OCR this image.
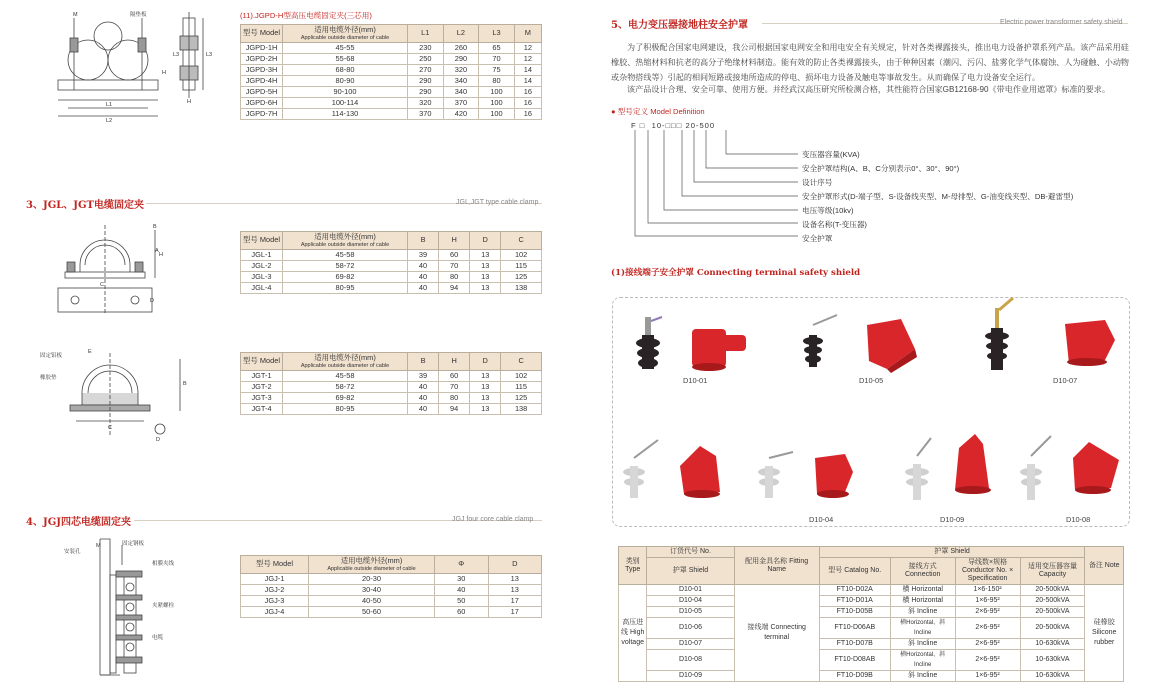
M	隔垫板
H
L1
L2
L3
L3
H
(11).JGPD-H型高压电缆固定夹(三芯用)
型号 Model	适用电缆外径(mm)
Applicable outside diameter of cable	L1	L2	L3	M
JGPD-1H	45-55	230	260	65	12
JGPD-2H	55-68	250	290	70	12
JGPD-3H	68-80	270	320	75	14
JGPD-4H	80-90	290	340	80	14
JGPD-5H	90-100	290	340	100	16
JGPD-6H	100-114	320	370	100	16
JGPD-7H	114-130	370	420	100	16
3、JGL、JGT电缆固定夹	JGL,JGT type cable clamp
B
A
D
C
H
型号 Model	适用电缆外径(mm)
Applicable outside diameter of cable	B	H	D	C
JGL-1	45-58	39	60	13	102
JGL-2	58-72	40	70	13	115
JGL-3	69-82	40	80	13	125
JGL-4	80-95	40	94	13	138
固定铝板
橡胶垫
E
B
C
D
型号 Model	适用电缆外径(mm)
Applicable outside diameter of cable	B	H	D	C
JGT-1	45-58	39	60	13	102
JGT-2	58-72	40	70	13	115
JGT-3	69-82	40	80	13	125
JGT-4	80-95	40	94	13	138
4、JGJ四芯电缆固定夹	JGJ four core cable clamp
固定钢板
安装孔
M
相膜夹线
夹紧螺栓
电缆
型号 Model	适用电缆外径(mm)
Applicable outside diameter of cable	Φ	D
JGJ-1	20-30	30	13
JGJ-2	30-40	40	13
JGJ-3	40-50	50	17
JGJ-4	50-60	60	17
5、电力变压器接地柱安全护罩	Electric power transformer safety shield
为了积极配合国家电网建设，我公司根据国家电网安全和用电安全有关规定，针对各类裸露接头，推出电力设备护罩系列产品。该产品采用硅橡胶、热缩材料和抗老的高分子绝缘材料制造。能有效的防止各类裸露接头，由于种种因素（潮闪、污闪、盐雾化学气体腐蚀、人为碰触、小动物或杂物搭线等）引起的相间短路或接地所造成的停电、损坏电力设备及触电等事故发生。从而确保了电力设备安全运行。
该产品设计合理、安全可靠、使用方便。并经武汉高压研究所检测合格，其性能符合国家GB12168-90《带电作业用遮罩》标准的要求。
● 型号定义 Model Definition
F □ 10-□□□ 20-500
变压器容量(KVA)
安全护罩结构(A、B、C分别表示0°、30°、90°)
设计序号
安全护罩形式(D-端子型、S-设备线夹型、M-母排型、G-油变线夹型、DB-避雷型)
电压等级(10kv)
设备名称(T-变压器)
安全护罩
(1)接线端子安全护罩 Connecting terminal safety shield
D10-01	D10-05	D10-07
D10-04	D10-09	D10-08
类别 Type	订货代号 No.	配用金具名称 Fitting Name	护罩 Shield				备注 Note
	护罩 Shield		型号 Catalog No.	接线方式 Connection	导线数×规格 Conductor No. × Specification	适用变压器容量 Capacity	
高压进线 High voltage	D10-01	接线端 Connecting terminal	FT10-D02A	横 Horizontal	1×6-150²	20-500kVA	硅橡胶 Silicone rubber
	D10-04		FT10-D01A	横 Horizontal	1×6-95²	20-500kVA	
	D10-05		FT10-D05B	斜 Incline	2×6-95²	20-500kVA	
	D10-06		FT10-D06AB	横Horizontal、斜Incline	2×6-95²	20-500kVA	
	D10-07		FT10-D07B	斜 Incline	2×6-95²	10-630kVA	
	D10-08		FT10-D08AB	横Horizontal、斜Incline	2×6-95²	10-630kVA	
	D10-09		FT10-D09B	斜 Incline	1×6-95²	10-630kVA	
